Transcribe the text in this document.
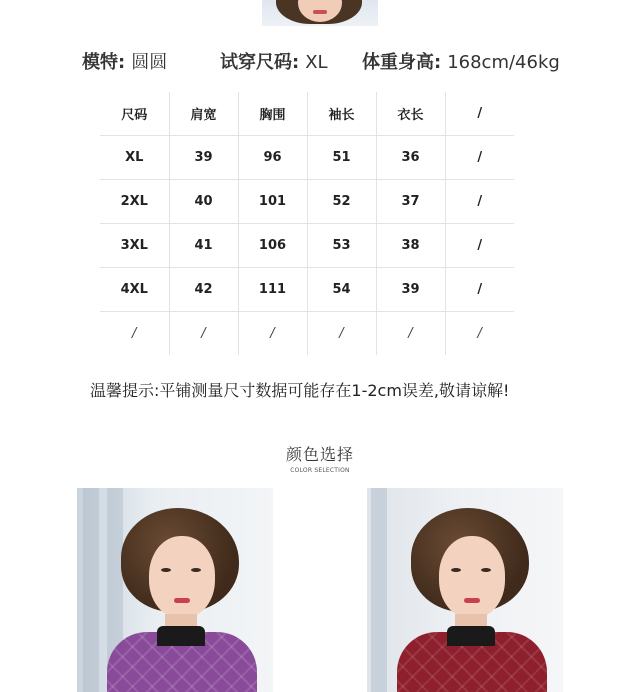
模特: 圆圆	试穿尺码: XL 体重身高: 168cm/46kg
尺码	肩宽	胸围	袖长	衣长	/
XL	39	96	51	36	/
2XL	40	101	52	37	/
3XL	41	106	53	38	/
4XL	42	111	54	39	/
/	/	/	/	/	/
温馨提示:平铺测量尺寸数据可能存在1-2cm误差,敬请谅解!
颜色选择
COLOR SELECTION
